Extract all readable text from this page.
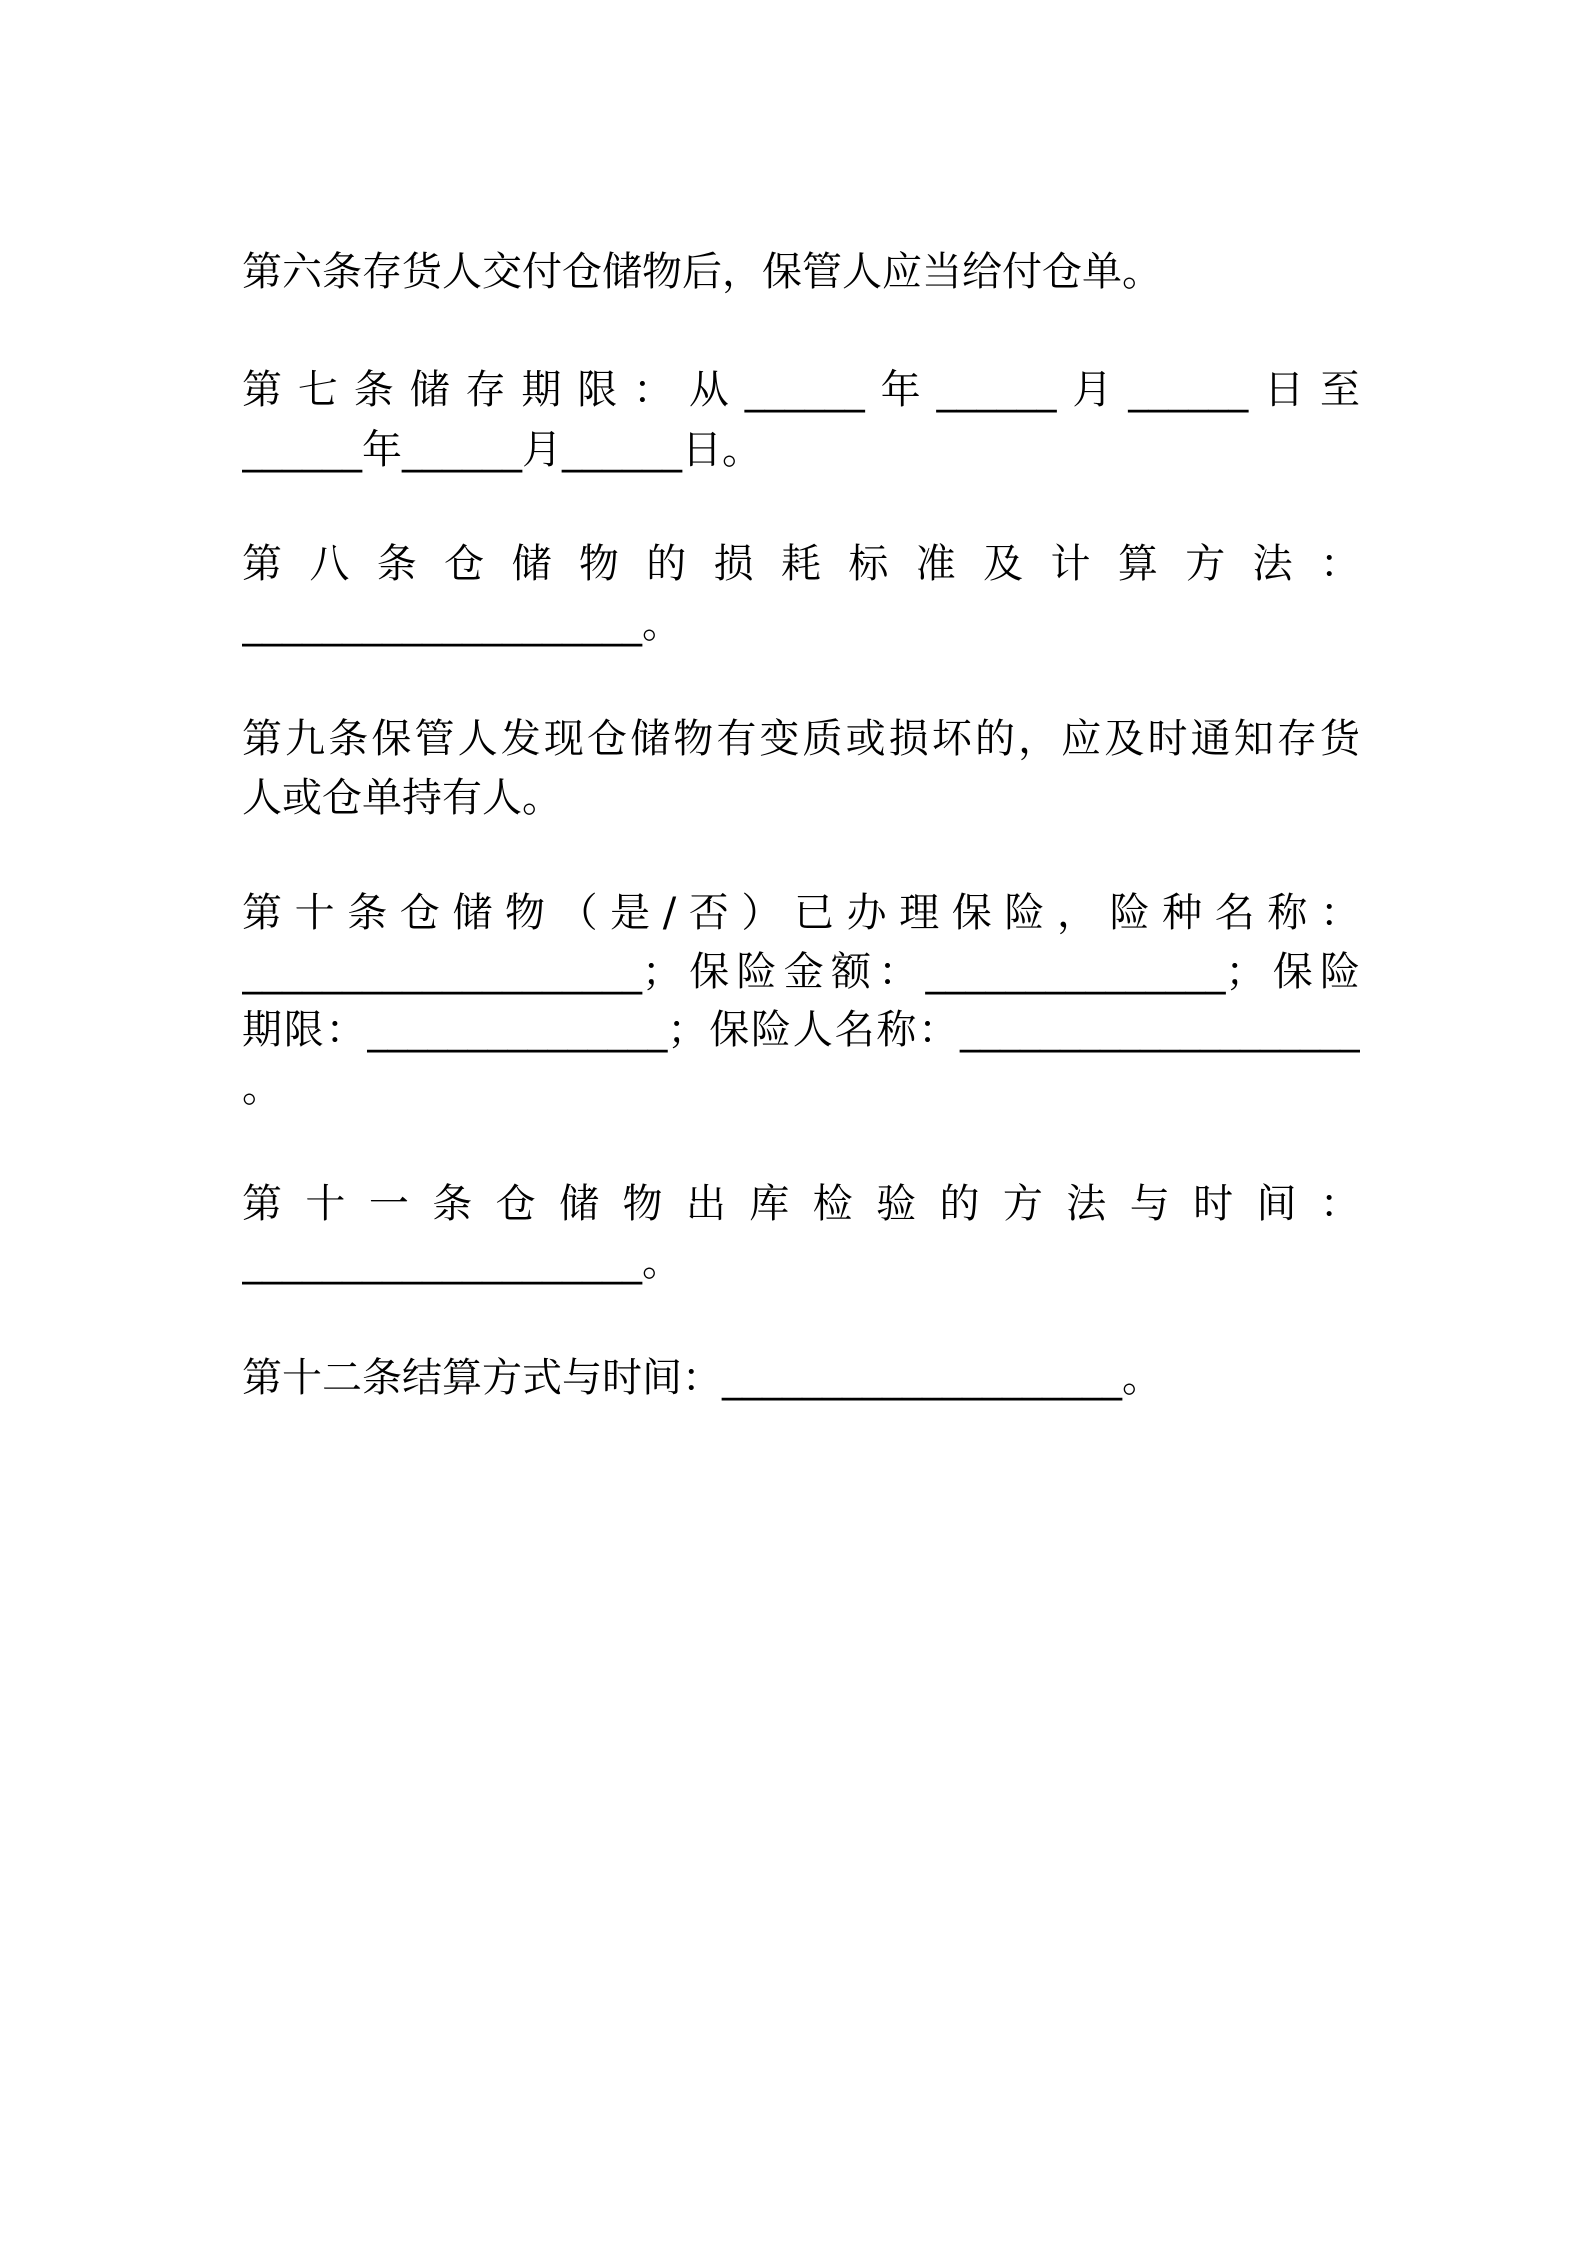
第六条存货人交付仓储物后，保管人应当给付仓单。
第七条储存期限：从______年______月______日至
______年______月______日。
第 八 条 仓 储 物 的 损 耗 标 准 及 计 算 方 法 ：
____________________。
第九条保管人发现仓储物有变质或损坏的，应及时通知存货
人或仓单持有人。
第 十 条 仓 储 物 （ 是 / 否 ） 已 办 理 保 险 ， 险 种 名 称 ：
____________________；保险金额：_______________；保险
期限：_______________；保险人名称：____________________
。
第 十 一 条 仓 储 物 出 库 检 验 的 方 法 与 时 间 ：
____________________。
第十二条结算方式与时间：____________________。
